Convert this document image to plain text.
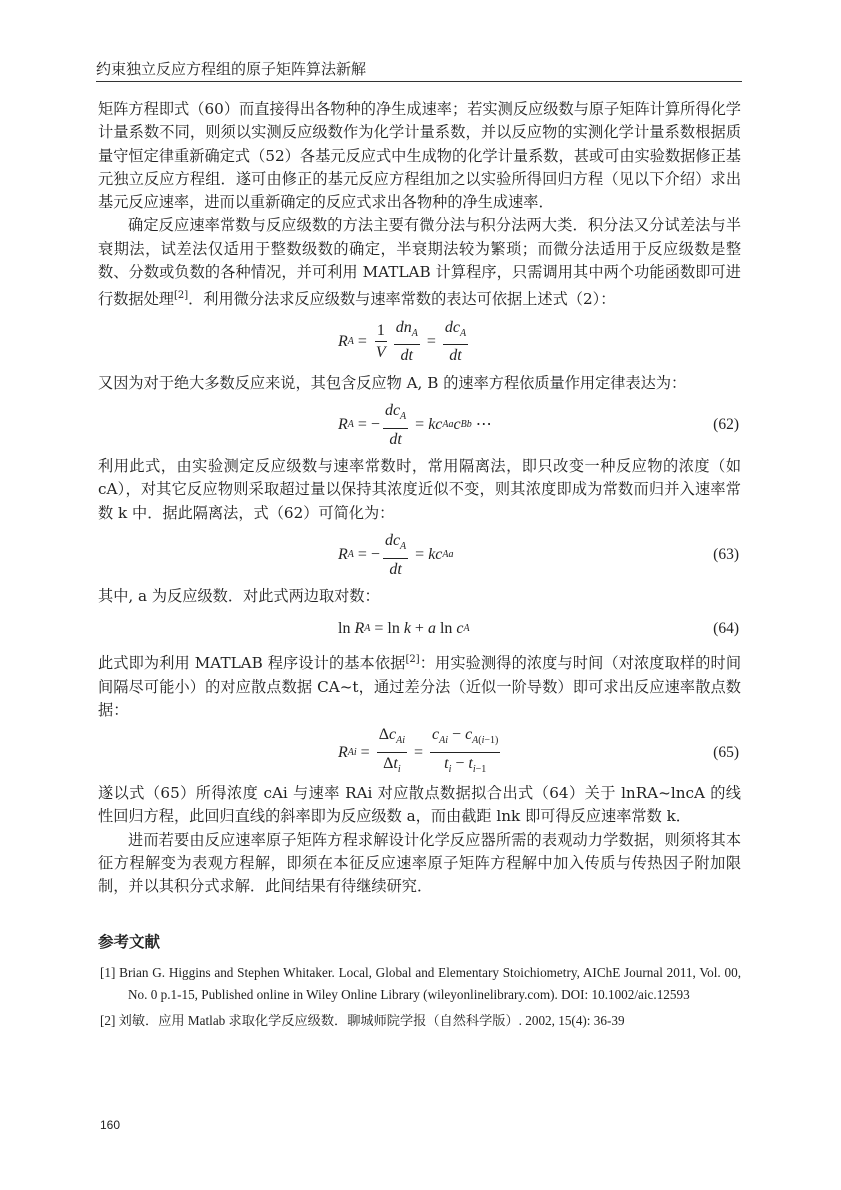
约束独立反应方程组的原子矩阵算法新解

矩阵方程即式（60）而直接得出各物种的净生成速率；若实测反应级数与原子矩阵计算所得化学计量系数不同，则须以实测反应级数作为化学计量系数，并以反应物的实测化学计量系数根据质量守恒定律重新确定式（52）各基元反应式中生成物的化学计量系数，甚或可由实验数据修正基元独立反应方程组．遂可由修正的基元反应方程组加之以实验所得回归方程（见以下介绍）求出基元反应速率，进而以重新确定的反应式求出各物种的净生成速率．

确定反应速率常数与反应级数的方法主要有微分法与积分法两大类．积分法又分试差法与半衰期法，试差法仅适用于整数级数的确定，半衰期法较为繁琐；而微分法适用于反应级数是整数、分数或负数的各种情况，并可利用 MATLAB 计算程序，只需调用其中两个功能函数即可进行数据处理[2]．利用微分法求反应级数与速率常数的表达可依据上述式（2）：

R $A = \frac{1}{V} \frac{dn_A}{dt} = \frac{dc_A}{dt}$

又因为对于绝大多数反应来说，其包含反应物 A, B 的速率方程依质量作用定律表达为：

R A = − $\frac{dc_A}{dt}$ = kc A a c B b ⋯	(62)

利用此式，由实验测定反应级数与速率常数时，常用隔离法，即只改变一种反应物的浓度（如 cA），对其它反应物则采取超过量以保持其浓度近似不变，则其浓度即成为常数而归并入速率常数 k 中．据此隔离法，式（62）可简化为：

R A = − $\frac{dc_A}{dt}$ = kc A a	(63)

其中, a 为反应级数．对此式两边取对数：

ln R A = ln k + a ln c A	(64)

此式即为利用 MATLAB 程序设计的基本依据[2]：用实验测得的浓度与时间（对浓度取样的时间间隔尽可能小）的对应散点数据 CA~t，通过差分法（近似一阶导数）即可求出反应速率散点数据：

R $Ai = \frac{\Delta c_{Ai}}{\Delta t_i} = \frac{c_{Ai} - c_{A(i-1)}}{t_i - t_{i-1}}$	(65)

遂以式（65）所得浓度 cAi 与速率 RAi 对应散点数据拟合出式（64）关于 lnRA~lncA 的线性回归方程，此回归直线的斜率即为反应级数 a，而由截距 lnk 即可得反应速率常数 k．

进而若要由反应速率原子矩阵方程求解设计化学反应器所需的表观动力学数据，则须将其本征方程解变为表观方程解，即须在本征反应速率原子矩阵方程解中加入传质与传热因子附加限制，并以其积分式求解．此间结果有待继续研究．

参考文献
[1] Brian G. Higgins and Stephen Whitaker. Local, Global and Elementary Stoichiometry, AIChE Journal 2011, Vol. 00, No. 0 p.1-15, Published online in Wiley Online Library (wileyonlinelibrary.com). DOI: 10.1002/aic.12593
[2] 刘敏．应用 Matlab 求取化学反应级数．聊城师院学报（自然科学版）. 2002, 15(4): 36-39
160
